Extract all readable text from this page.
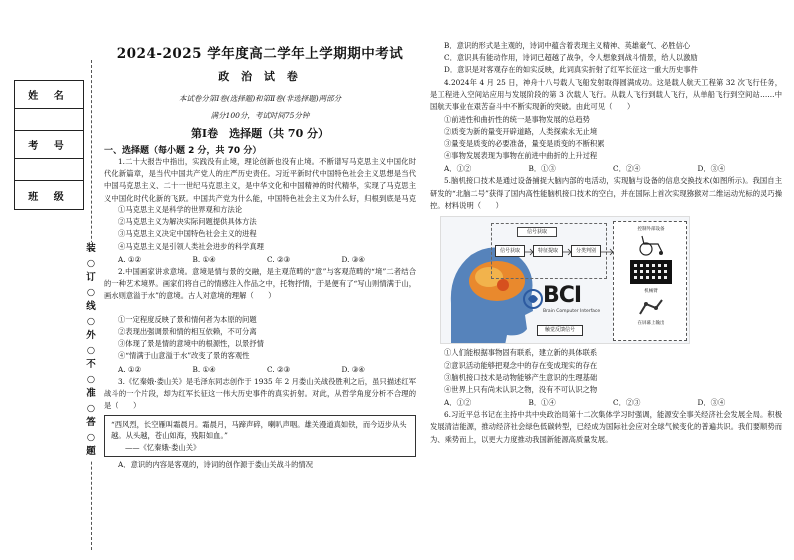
姓 名
考 号
班 级
装○订○线○外○不○准○答○题
2024-2025 学年度高二学年上学期期中考试
政 治 试 卷
本试卷分第Ⅰ卷(选择题)和第Ⅱ卷(非选择题)两部分
满分100分，考试时间75分钟
第Ⅰ卷　选择题（共 70 分）
一、选择题（每小题 2 分，共 70 分）

1.二十大报告中指出，实践没有止境，理论创新也没有止境。不断谱写马克思主义中国化时代化新篇章，是当代中国共产党人的庄严历史责任。习近平新时代中国特色社会主义思想是当代中国马克思主义、二十一世纪马克思主义，是中华文化和中国精神的时代精华，实现了马克思主义中国化时代化新的飞跃。中国共产党为什么能，中国特色社会主义为什么好，归根到底是马克　　

①马克思主义是科学的世界观和方法论

②马克思主义为解决实际问题提供具体方法

③马克思主义决定中国特色社会主义的进程

④马克思主义是引领人类社会进步的科学真理

A. ①②	B. ①④	C. ②③	D. ③④

2.中国画家讲求意境。意境是情与景的交融，是主观范畴的“意”与客观范畴的“境”二者结合的一种艺术境界。画家们将自己的情感注入作品之中，托物抒情，于是便有了“写山则情满于山，画水则意溢于水”的意境。古人对意境的理解（　　）

①一定程度反映了景和情何者为本原的问题

②表现出强调景和情的相互依赖，不可分离

③体现了景是情的意境中的根源性，以景抒情

④“情满于山意溢于水”改变了景的客观性

A. ①②	B. ①④	C. ②③	D. ③④

3.《忆秦娥·娄山关》是毛泽东同志创作于 1935 年 2 月娄山关战役胜利之后，虽只描述红军战斗的一个片段，却为红军长征这一伟大历史事件的真实折射。对此，从哲学角度分析不合理的是（　　）

“西风烈，长空雁叫霜晨月。霜晨月，马蹄声碎，喇叭声咽。雄关漫道真如铁，而今迈步从头越。从头越，苍山如海，残阳如血。”

——《忆秦娥·娄山关》

A．意识的内容是客观的，诗词的创作源于娄山关战斗的情况

B．意识的形式是主观的，诗词中蕴含着表现主义精神、英雄豪气、必胜信心

C．意识具有能动作用，诗词已超越了战争，令人想象到战斗情景，给人以激励

D．意识是对客观存在的如实反映，此词真实折射了红军长征这一重大历史事件

4.2024年 4 月 25 日，神舟十八号载人飞船发射取得圆满成功。这是载人航天工程第 32 次飞行任务，是工程进入空间站应用与发展阶段的第 3 次载人飞行。从载人飞行到载人飞行，从单船飞行到空间站……中国航天事业在艰苦奋斗中不断实现新的突破。由此可见（　　）

①前进性和曲折性的统一是事物发展的总趋势

②质变为新的量变开辟道路，人类探索永无止境

③量变是质变的必要准备，量变是质变的不断积累

④事物发展表现为事物在前进中曲折的上升过程

A．①②	B．①③	C．②④	D．③④

5.脑机接口技术是通过设备捕捉大脑内部的电活动，实现脑与设备的信息交换技术(如图所示)。我国自主研发的“北脑二号”获得了国内高性能脑机接口技术的空白，并在国际上首次实现猕猴对二维运动光标的灵巧操控。材料说明（　　）

信号获取
信号获取	特征提取	分类判别
BCI
Brain Computer Interface
控制外部设备
机械臂
在屏幕上输出
触觉反馈信号

①人们能根据事物固有联系，建立新的具体联系

②意识活动能够把观念中的存在变成现实的存在

③脑机接口技术是动物能够产生意识的生理基础

④世界上只有尚未认识之物，没有不可认识之物

A．①②	B．①④	C．②③	D．③④

6.习近平总书记在主持中共中央政治局第十二次集体学习时强调，能源安全事关经济社会发展全局。积极发展清洁能源，推动经济社会绿色低碳转型，已经成为国际社会应对全球气候变化的普遍共识。我们要顺势而为、乘势而上，以更大力度推动我国新能源高质量发展。
